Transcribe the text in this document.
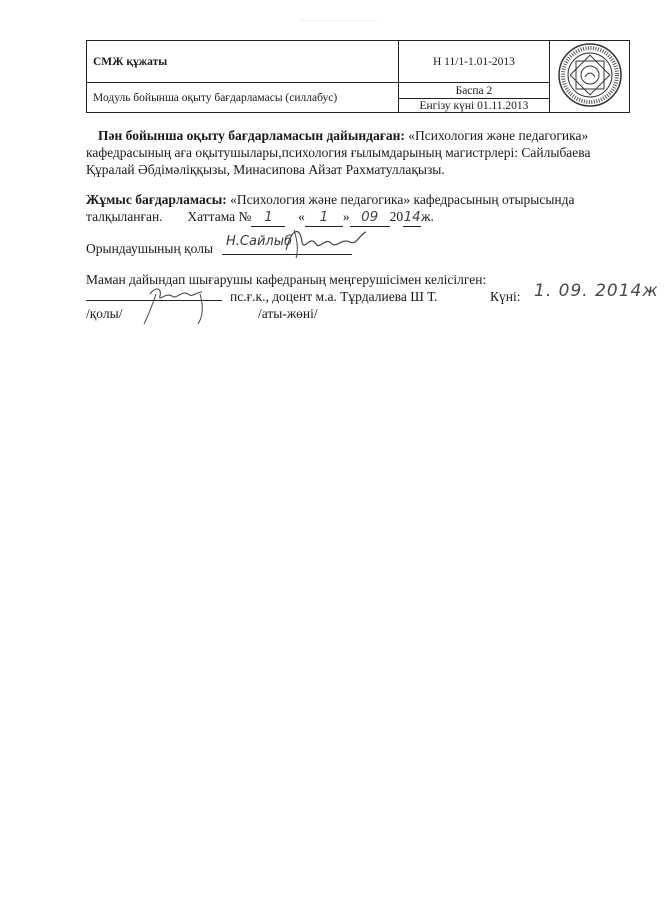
СМЖ құжаты		Н 11/1-1.01-2013	
Модуль бойынша оқыту бағдарламасы (силлабус)		Баспа 2	
		Енгізу күні 01.11.2013	
Пән бойынша оқыту бағдарламасын дайындаған: «Психология және педагогика»
кафедрасының аға оқытушылары,психология ғылымдарының магистрлері: Сайлыбаева
Құралай Әбдімәліққызы, Минасипова Айзат Рахматуллақызы.
Жұмыс бағдарламасы: «Психология және педагогика» кафедрасының отырысында
талқыланған. Хаттама № 1 « 1 » 09 2014ж.
Орындаушының қолы Н.Сайлыб
Маман дайындап шығарушы кафедраның меңгерушісімен келісілген:
пс.ғ.к., доцент м.а. Тұрдалиева Ш Т.	Күні: 1. 09. 2014ж
/қолы/	/аты-жөні/
